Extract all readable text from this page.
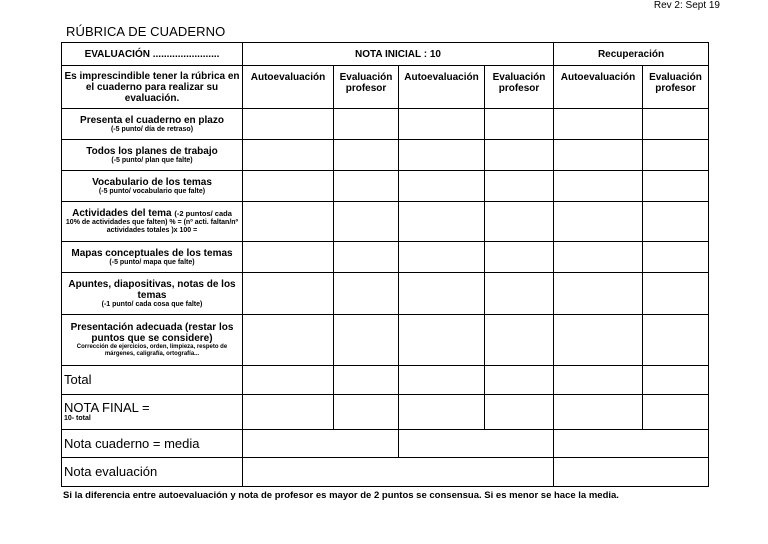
Rev 2: Sept 19
RÚBRICA DE CUADERNO
EVALUACIÓN ........................	NOTA INICIAL : 10				Recuperación	
Es imprescindible tener la rúbrica en el cuaderno para realizar su evaluación.	Autoevaluación	Evaluación profesor	Autoevaluación	Evaluación profesor	Autoevaluación	Evaluación profesor

Presenta el cuaderno en plazo
(-5 punto/ día de retraso)						

Todos los planes de trabajo
(-5 punto/ plan que falte)						

Vocabulario de los temas
(-5 punto/ vocabulario que falte)						

Actividades del tema (-2 puntos/ cada
10% de actividades que falten) % = (nº acti. faltan/nº actividades totales )x 100 =						

Mapas conceptuales de los temas
(-5 punto/ mapa que falte)						

Apuntes, diapositivas, notas de los temas
(-1 punto/ cada cosa que falte)						

Presentación adecuada (restar los puntos que se considere)
Corrección de ejercicios, orden, limpieza, respeto de márgenes, caligrafía, ortografía...						

Total						

NOTA FINAL =
10- total						

Nota cuaderno = media						

Nota evaluación						

Si la diferencia entre autoevaluación y nota de profesor es mayor de 2 puntos se consensua. Si es menor se hace la media.
